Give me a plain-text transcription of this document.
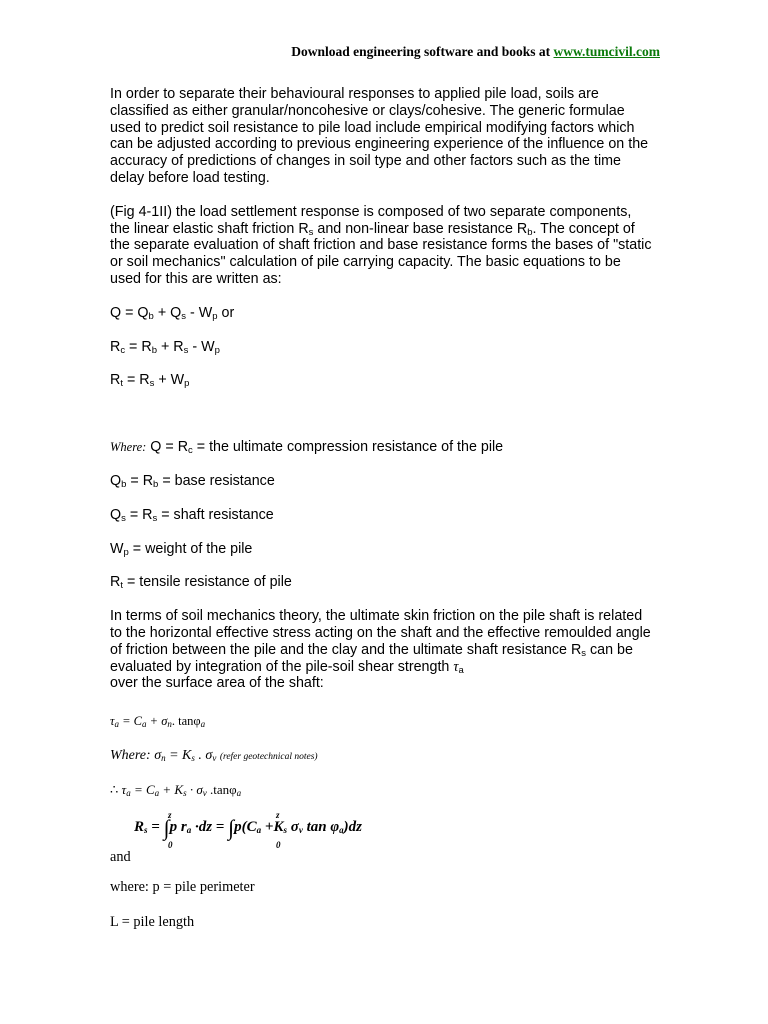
Download engineering software and books at www.tumcivil.com

In order to separate their behavioural responses to applied pile load, soils are classified as either granular/noncohesive or clays/cohesive. The generic formulae used to predict soil resistance to pile load include empirical modifying factors which can be adjusted according to previous engineering experience of the influence on the accuracy of predictions of changes in soil type and other factors such as the time delay before load testing.

(Fig 4-1II) the load settlement response is composed of two separate components, the linear elastic shaft friction $R_s$ and non-linear base resistance $R_b$. The concept of the separate evaluation of shaft friction and base resistance forms the bases of "static or soil mechanics" calculation of pile carrying capacity. The basic equations to be used for this are written as:

$Q = Q_b + Q_s - W_p$ or

$R_c = R_b + R_s - W_p$

$R_t = R_s + W_p$

Where: $Q = R_c$ = the ultimate compression resistance of the pile

$Q_b = R_b$ = base resistance

$Q_s = R_s$ = shaft resistance

$W_p$ = weight of the pile

$R_t$ = tensile resistance of pile

In terms of soil mechanics theory, the ultimate skin friction on the pile shaft is related to the horizontal effective stress acting on the shaft and the effective remoulded angle of friction between the pile and the clay and the ultimate shaft resistance $R_s$ can be evaluated by integration of the pile-soil shear strength $\tau_a$
over the surface area of the shaft:

τa = Ca + σn. tanφa

Where: σn = Ks . σv (refer geotechnical notes)

∴ τa = Ca + Ks · σv .tanφa

z
0
z
0
Rs = ∫p ra ·dz = ∫p(Ca +Ks σv tan φa)dz

and

where: p = pile perimeter

L = pile length
